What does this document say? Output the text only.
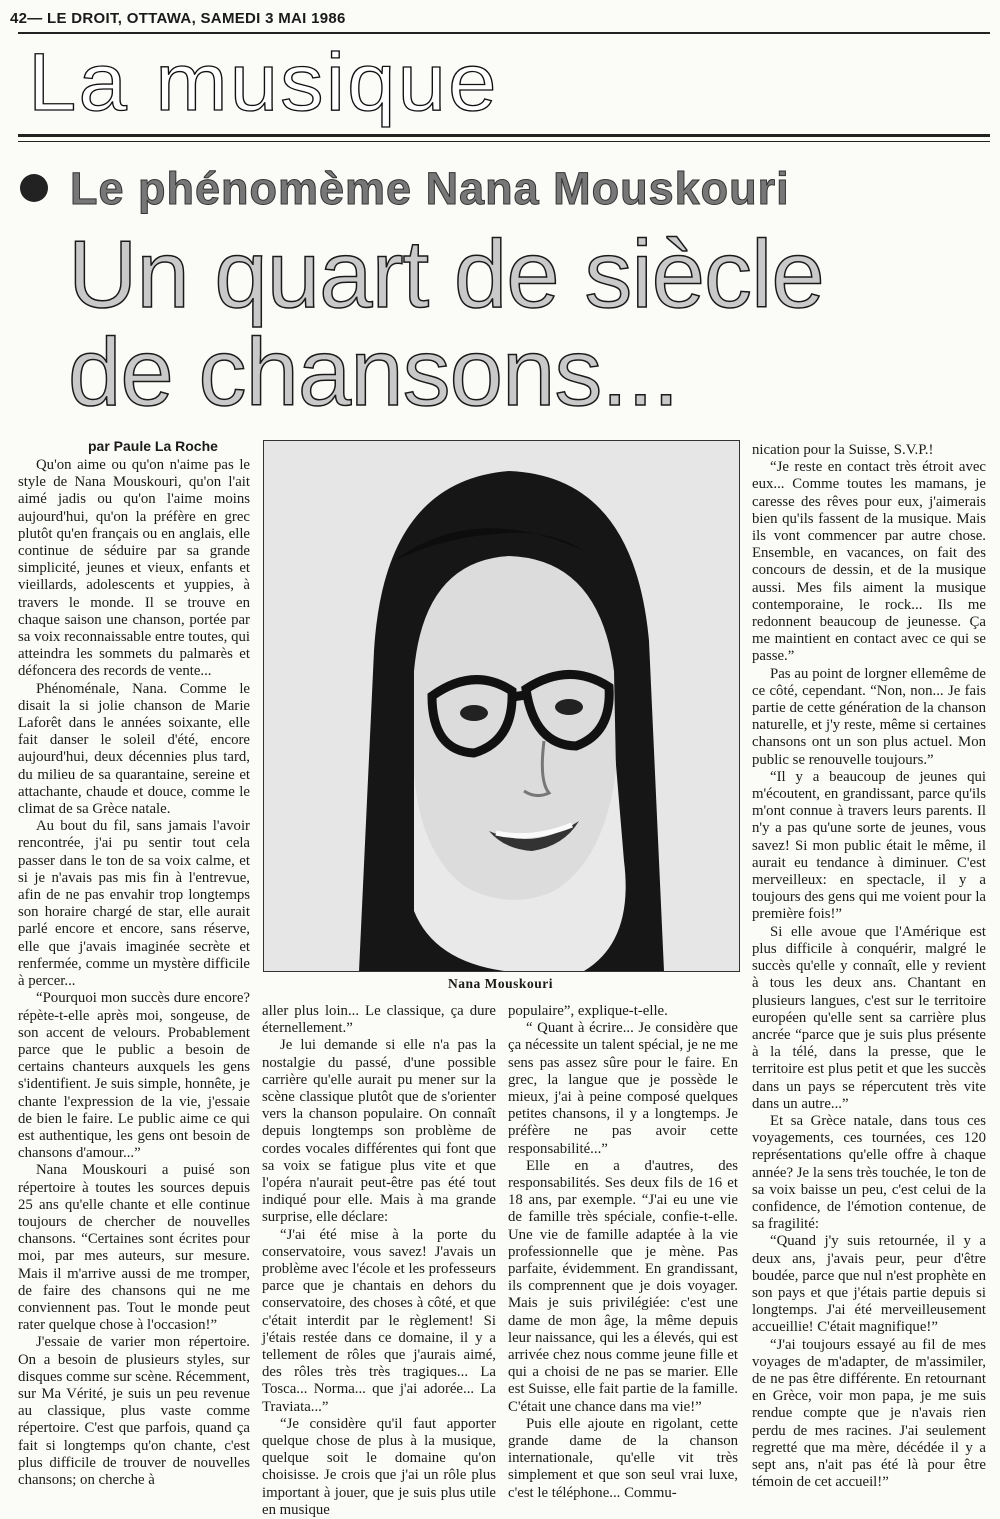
42— LE DROIT, OTTAWA, SAMEDI 3 MAI 1986
La musique
Le phénomème Nana Mouskouri
Un quart de siècle
de chansons...
par Paule La Roche
Nana Mouskouri

Qu'on aime ou qu'on n'aime pas le style de Nana Mouskouri, qu'on l'ait aimé jadis ou qu'on l'aime moins aujourd'hui, qu'on la préfère en grec plutôt qu'en français ou en anglais, elle continue de séduire par sa grande simplicité, jeunes et vieux, enfants et vieillards, adolescents et yuppies, à travers le monde. Il se trouve en chaque saison une chanson, portée par sa voix reconnaissable entre toutes, qui atteindra les sommets du palmarès et défoncera des records de vente...

Phénoménale, Nana. Comme le disait la si jolie chanson de Marie Laforêt dans le années soixante, elle fait danser le soleil d'été, encore aujourd'hui, deux décennies plus tard, du milieu de sa quarantaine, sereine et attachante, chaude et douce, comme le climat de sa Grèce natale.

Au bout du fil, sans jamais l'avoir rencontrée, j'ai pu sentir tout cela passer dans le ton de sa voix calme, et si je n'avais pas mis fin à l'entrevue, afin de ne pas envahir trop longtemps son horaire chargé de star, elle aurait parlé encore et encore, sans réserve, elle que j'avais imaginée secrète et renfermée, comme un mystère difficile à percer...

“Pourquoi mon succès dure encore? répète-t-elle après moi, songeuse, de son accent de velours. Probablement parce que le public a besoin de certains chanteurs auxquels les gens s'identifient. Je suis simple, honnête, je chante l'expression de la vie, j'essaie de bien le faire. Le public aime ce qui est authentique, les gens ont besoin de chansons d'amour...”

Nana Mouskouri a puisé son répertoire à toutes les sources depuis 25 ans qu'elle chante et elle continue toujours de chercher de nouvelles chansons. “Certaines sont écrites pour moi, par mes auteurs, sur mesure. Mais il m'arrive aussi de me tromper, de faire des chansons qui ne me conviennent pas. Tout le monde peut rater quelque chose à l'occasion!”

J'essaie de varier mon répertoire. On a besoin de plusieurs styles, sur disques comme sur scène. Récemment, sur Ma Vérité, je suis un peu revenue au classique, plus vaste comme répertoire. C'est que parfois, quand ça fait si longtemps qu'on chante, c'est plus difficile de trouver de nouvelles chansons; on cherche à

aller plus loin... Le classique, ça dure éternellement.”

Je lui demande si elle n'a pas la nostalgie du passé, d'une possible carrière qu'elle aurait pu mener sur la scène classique plutôt que de s'orienter vers la chanson populaire. On connaît depuis longtemps son problème de cordes vocales différentes qui font que sa voix se fatigue plus vite et que l'opéra n'aurait peut-être pas été tout indiqué pour elle. Mais à ma grande surprise, elle déclare:

“J'ai été mise à la porte du conservatoire, vous savez! J'avais un problème avec l'école et les professeurs parce que je chantais en dehors du conservatoire, des choses à côté, et que c'était interdit par le règlement! Si j'étais restée dans ce domaine, il y a tellement de rôles que j'aurais aimé, des rôles très très tragiques... La Tosca... Norma... que j'ai adorée... La Traviata...”

“Je considère qu'il faut apporter quelque chose de plus à la musique, quelque soit le domaine qu'on choisisse. Je crois que j'ai un rôle plus important à jouer, que je suis plus utile en musique

populaire”, explique-t-elle.

“ Quant à écrire... Je considère que ça nécessite un talent spécial, je ne me sens pas assez sûre pour le faire. En grec, la langue que je possède le mieux, j'ai à peine composé quelques petites chansons, il y a longtemps. Je préfère ne pas avoir cette responsabilité...”

Elle en a d'autres, des responsabilités. Ses deux fils de 16 et 18 ans, par exemple. “J'ai eu une vie de famille très spéciale, confie-t-elle. Une vie de famille adaptée à la vie professionnelle que je mène. Pas parfaite, évidemment. En grandissant, ils comprennent que je dois voyager. Mais je suis privilégiée: c'est une dame de mon âge, la même depuis leur naissance, qui les a élevés, qui est arrivée chez nous comme jeune fille et qui a choisi de ne pas se marier. Elle est Suisse, elle fait partie de la famille. C'était une chance dans ma vie!”

Puis elle ajoute en rigolant, cette grande dame de la chanson internationale, qu'elle vit très simplement et que son seul vrai luxe, c'est le téléphone... Commu-

nication pour la Suisse, S.V.P.!

“Je reste en contact très étroit avec eux... Comme toutes les mamans, je caresse des rêves pour eux, j'aimerais bien qu'ils fassent de la musique. Mais ils vont commencer par autre chose. Ensemble, en vacances, on fait des concours de dessin, et de la musique aussi. Mes fils aiment la musique contemporaine, le rock... Ils me redonnent beaucoup de jeunesse. Ça me maintient en contact avec ce qui se passe.”

Pas au point de lorgner ellemême de ce côté, cependant. “Non, non... Je fais partie de cette génération de la chanson naturelle, et j'y reste, même si certaines chansons ont un son plus actuel. Mon public se renouvelle toujours.”

“Il y a beaucoup de jeunes qui m'écoutent, en grandissant, parce qu'ils m'ont connue à travers leurs parents. Il n'y a pas qu'une sorte de jeunes, vous savez! Si mon public était le même, il aurait eu tendance à diminuer. C'est merveilleux: en spectacle, il y a toujours des gens qui me voient pour la première fois!”

Si elle avoue que l'Amérique est plus difficile à conquérir, malgré le succès qu'elle y connaît, elle y revient à tous les deux ans. Chantant en plusieurs langues, c'est sur le territoire européen qu'elle sent sa carrière plus ancrée “parce que je suis plus présente à la télé, dans la presse, que le territoire est plus petit et que les succès dans un pays se répercutent très vite dans un autre...”

Et sa Grèce natale, dans tous ces voyagements, ces tournées, ces 120 représentations qu'elle offre à chaque année? Je la sens très touchée, le ton de sa voix baisse un peu, c'est celui de la confidence, de l'émotion contenue, de sa fragilité:

“Quand j'y suis retournée, il y a deux ans, j'avais peur, peur d'être boudée, parce que nul n'est prophète en son pays et que j'étais partie depuis si longtemps. J'ai été merveilleusement accueillie! C'était magnifique!”

“J'ai toujours essayé au fil de mes voyages de m'adapter, de m'assimiler, de ne pas être différente. En retournant en Grèce, voir mon papa, je me suis rendue compte que je n'avais rien perdu de mes racines. J'ai seulement regretté que ma mère, décédée il y a sept ans, n'ait pas été là pour être témoin de cet accueil!”
